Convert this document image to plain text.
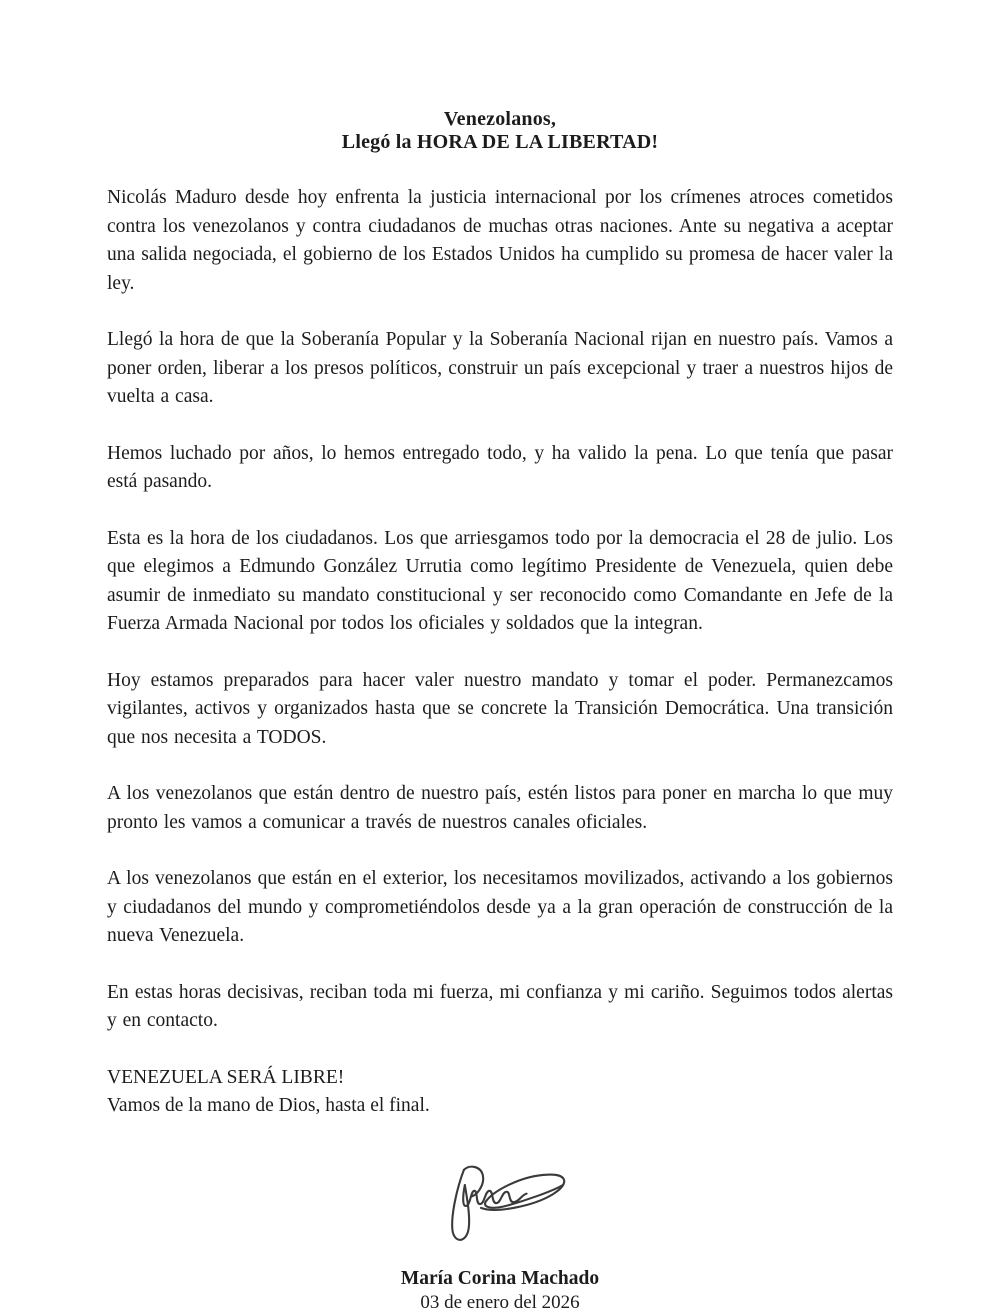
Venezolanos,
Llegó la HORA DE LA LIBERTAD!

Nicolás Maduro desde hoy enfrenta la justicia internacional por los crímenes atroces cometidos contra los venezolanos y contra ciudadanos de muchas otras naciones. Ante su negativa a aceptar una salida negociada, el gobierno de los Estados Unidos ha cumplido su promesa de hacer valer la ley.

Llegó la hora de que la Soberanía Popular y la Soberanía Nacional rijan en nuestro país. Vamos a poner orden, liberar a los presos políticos, construir un país excepcional y traer a nuestros hijos de vuelta a casa.

Hemos luchado por años, lo hemos entregado todo, y ha valido la pena. Lo que tenía que pasar está pasando.

Esta es la hora de los ciudadanos. Los que arriesgamos todo por la democracia el 28 de julio. Los que elegimos a Edmundo González Urrutia como legítimo Presidente de Venezuela, quien debe asumir de inmediato su mandato constitucional y ser reconocido como Comandante en Jefe de la Fuerza Armada Nacional por todos los oficiales y soldados que la integran.

Hoy estamos preparados para hacer valer nuestro mandato y tomar el poder. Permanezcamos vigilantes, activos y organizados hasta que se concrete la Transición Democrática. Una transición que nos necesita a TODOS.

A los venezolanos que están dentro de nuestro país, estén listos para poner en marcha lo que muy pronto les vamos a comunicar a través de nuestros canales oficiales.

A los venezolanos que están en el exterior, los necesitamos movilizados, activando a los gobiernos y ciudadanos del mundo y comprometiéndolos desde ya a la gran operación de construcción de la nueva Venezuela.

En estas horas decisivas, reciban toda mi fuerza, mi confianza y mi cariño. Seguimos todos alertas y en contacto.

VENEZUELA SERÁ LIBRE!
Vamos de la mano de Dios, hasta el final.
María Corina Machado
03 de enero del 2026
